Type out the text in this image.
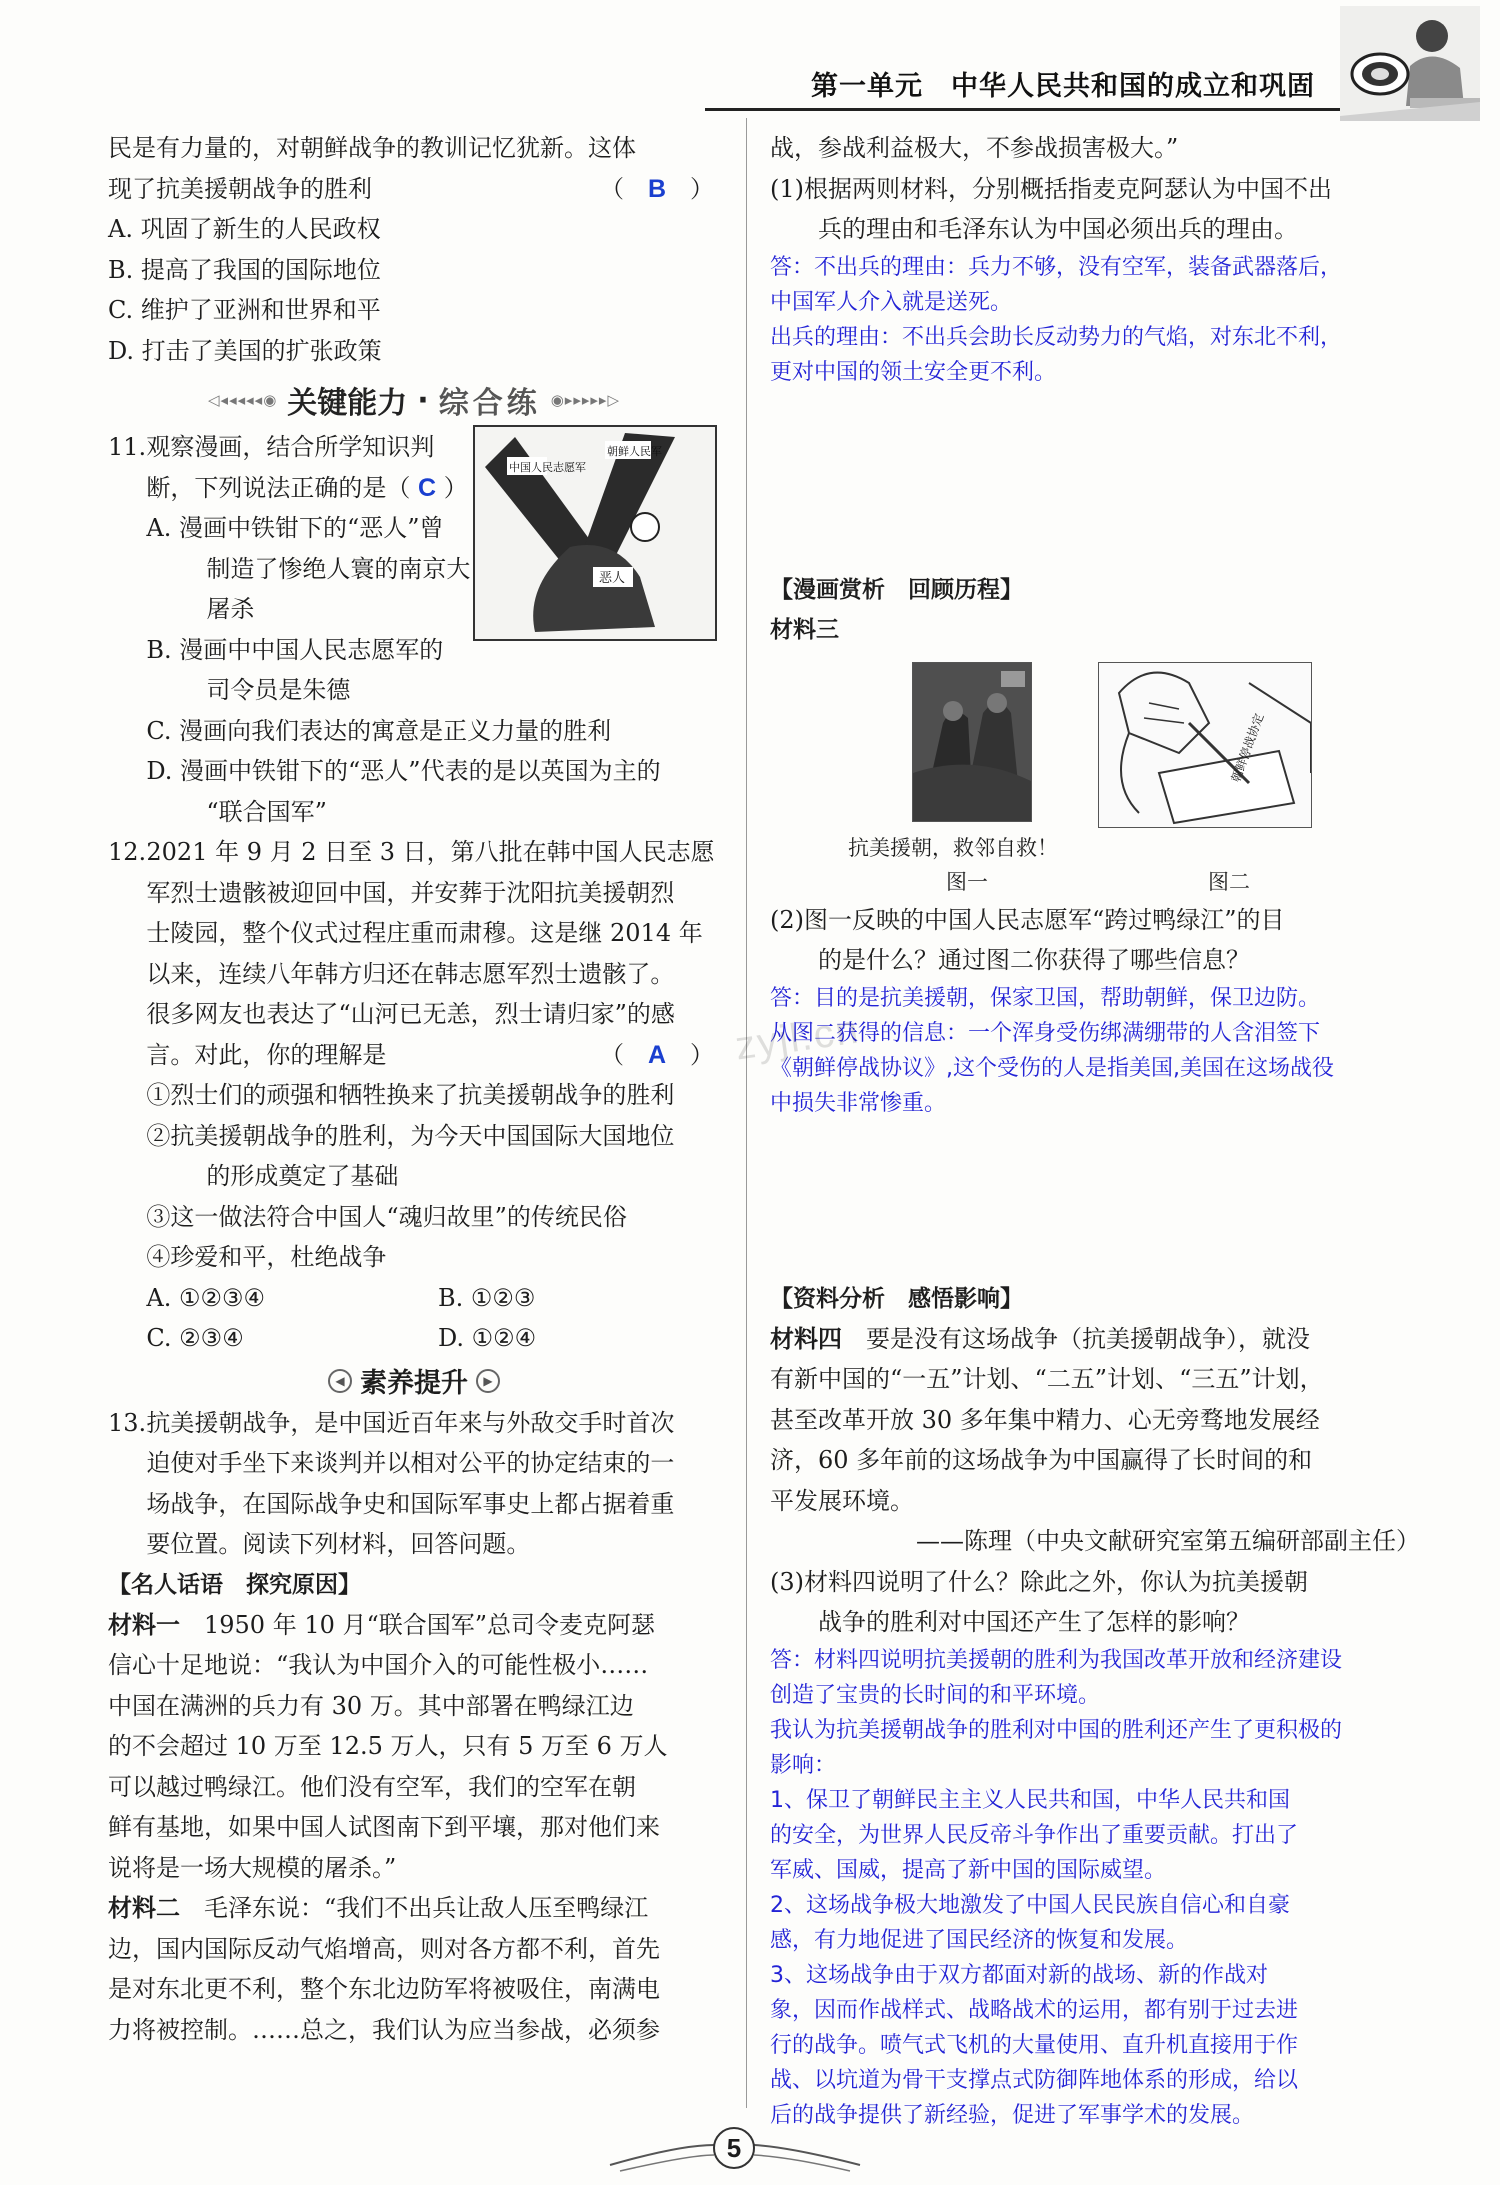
第一单元　中华人民共和国的成立和巩固
民是有力量的，对朝鲜战争的教训记忆犹新。这体
现了抗美援朝战争的胜利	（　B　）
A. 巩固了新生的人民政权
B. 提高了我国的国际地位
C. 维护了亚洲和世界和平
D. 打击了美国的扩张政策
◁◂◂◂◂◂◉ 关键能力 · 综合练 ◉▸▸▸▸▸▷
11.观察漫画，结合所学知识判
断，下列说法正确的是（ C ）
A. 漫画中铁钳下的“恶人”曾
制造了惨绝人寰的南京大
屠杀
B. 漫画中中国人民志愿军的
司令员是朱德
C. 漫画向我们表达的寓意是正义力量的胜利
D. 漫画中铁钳下的“恶人”代表的是以英国为主的
“联合国军”
中国人民志愿军
朝鲜人民军
恶人
12.2021 年 9 月 2 日至 3 日，第八批在韩中国人民志愿
军烈士遗骸被迎回中国，并安葬于沈阳抗美援朝烈
士陵园，整个仪式过程庄重而肃穆。这是继 2014 年
以来，连续八年韩方归还在韩志愿军烈士遗骸了。
很多网友也表达了“山河已无恙，烈士请归家”的感
言。对此，你的理解是	（　A　）
①烈士们的顽强和牺牲换来了抗美援朝战争的胜利
②抗美援朝战争的胜利，为今天中国国际大国地位
的形成奠定了基础
③这一做法符合中国人“魂归故里”的传统民俗
④珍爱和平，杜绝战争
A. ①②③④	B. ①②③
C. ②③④	D. ①②④
◀ 素养提升	▶
13.抗美援朝战争，是中国近百年来与外敌交手时首次
迫使对手坐下来谈判并以相对公平的协定结束的一
场战争，在国际战争史和国际军事史上都占据着重
要位置。阅读下列材料，回答问题。
【名人话语　探究原因】
材料一　 1950 年 10 月“联合国军”总司令麦克阿瑟
信心十足地说：“我认为中国介入的可能性极小……
中国在满洲的兵力有 30 万。其中部署在鸭绿江边
的不会超过 10 万至 12.5 万人，只有 5 万至 6 万人
可以越过鸭绿江。他们没有空军，我们的空军在朝
鲜有基地，如果中国人试图南下到平壤，那对他们来
说将是一场大规模的屠杀。”
材料二　 毛泽东说：“我们不出兵让敌人压至鸭绿江
边，国内国际反动气焰增高，则对各方都不利，首先
是对东北更不利，整个东北边防军将被吸住，南满电
力将被控制。……总之，我们认为应当参战，必须参
战，参战利益极大，不参战损害极大。”
(1)根据两则材料，分别概括指麦克阿瑟认为中国不出
兵的理由和毛泽东认为中国必须出兵的理由。
答：不出兵的理由：兵力不够，没有空军，装备武器落后，
中国军人介入就是送死。
出兵的理由：不出兵会助长反动势力的气焰，对东北不利，
更对中国的领土安全更不利。
【漫画赏析　回顾历程】
材料三
朝鲜停战协定
抗美援朝，救邻自救！
图一	图二
(2)图一反映的中国人民志愿军“跨过鸭绿江”的目
的是什么？通过图二你获得了哪些信息？
答：目的是抗美援朝，保家卫国，帮助朝鲜，保卫边防。
从图二获得的信息：一个浑身受伤绑满绷带的人含泪签下
《朝鲜停战协议》,这个受伤的人是指美国,美国在这场战役
中损失非常惨重。
【资料分析　感悟影响】
材料四　 要是没有这场战争（抗美援朝战争），就没
有新中国的“一五”计划、“二五”计划、“三五”计划，
甚至改革开放 30 多年集中精力、心无旁骛地发展经
济，60 多年前的这场战争为中国赢得了长时间的和
平发展环境。
——陈理（中央文献研究室第五编研部副主任）
(3)材料四说明了什么？除此之外，你认为抗美援朝
战争的胜利对中国还产生了怎样的影响？
答：材料四说明抗美援朝的胜利为我国改革开放和经济建设
创造了宝贵的长时间的和平环境。
我认为抗美援朝战争的胜利对中国的胜利还产生了更积极的
影响：
1、保卫了朝鲜民主主义人民共和国，中华人民共和国
的安全，为世界人民反帝斗争作出了重要贡献。打出了
军威、国威，提高了新中国的国际威望。
2、这场战争极大地激发了中国人民民族自信心和自豪
感，有力地促进了国民经济的恢复和发展。
3、这场战争由于双方都面对新的战场、新的作战对
象，因而作战样式、战略战术的运用，都有别于过去进
行的战争。喷气式飞机的大量使用、直升机直接用于作
战、以坑道为骨干支撑点式防御阵地体系的形成，给以
后的战争提供了新经验，促进了军事学术的发展。
zyjl.cn
5
